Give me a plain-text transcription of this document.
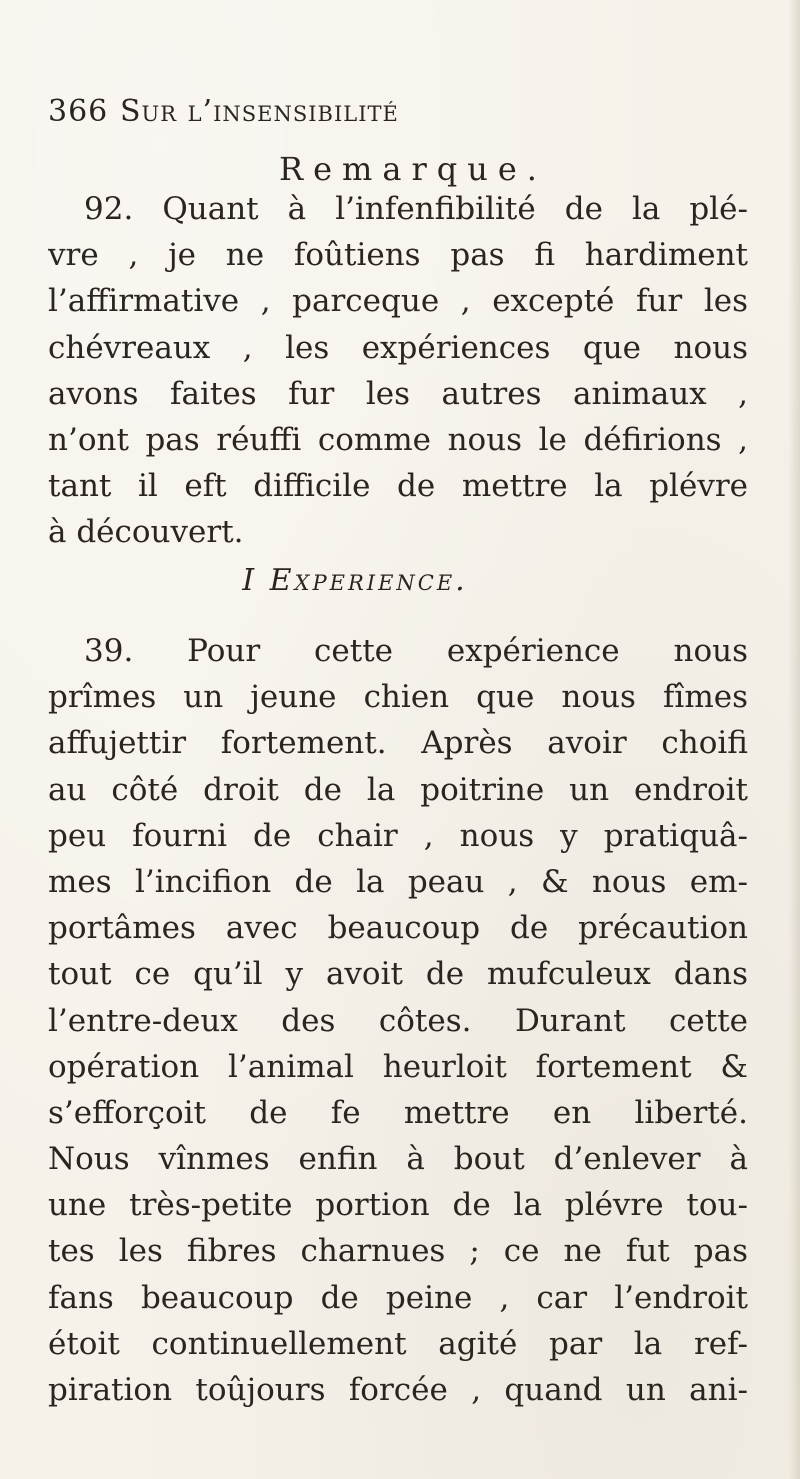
366 Sur l’insensibilité
Remarque.
92. Quant à l’infenfibilité de la plé-
vre , je ne foûtiens pas fi hardiment
l’affirmative , parceque , excepté fur les
chévreaux , les expériences que nous
avons faites fur les autres animaux ,
n’ont pas réuffi comme nous le défirions ,
tant il eft difficile de mettre la plévre
à découvert.
I Experience.
39. Pour cette expérience nous
prîmes un jeune chien que nous fîmes
affujettir fortement. Après avoir choifi
au côté droit de la poitrine un endroit
peu fourni de chair , nous y pratiquâ-
mes l’incifion de la peau , & nous em-
portâmes avec beaucoup de précaution
tout ce qu’il y avoit de mufculeux dans
l’entre-deux des côtes. Durant cette
opération l’animal heurloit fortement &
s’efforçoit de fe mettre en liberté.
Nous vînmes enfin à bout d’enlever à
une très-petite portion de la plévre tou-
tes les fibres charnues ; ce ne fut pas
fans beaucoup de peine , car l’endroit
étoit continuellement agité par la ref-
piration toûjours forcée , quand un ani-
